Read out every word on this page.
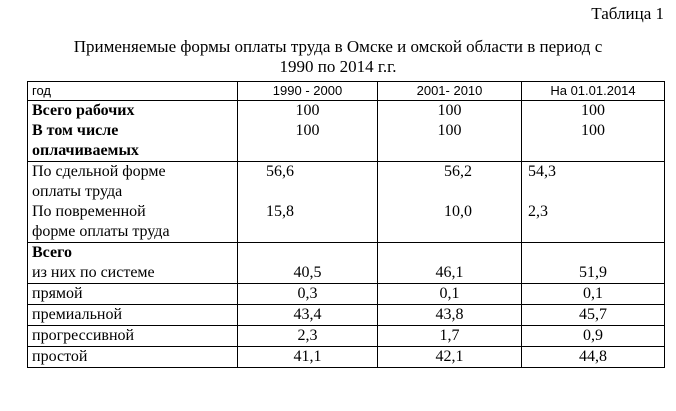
Таблица 1
Применяемые формы оплаты труда в Омске и омской области в период с
1990 по 2014 г.г.
год	1990 - 2000	2001- 2010	На 01.01.2014
Всего рабочих	100	100	100
В том числе
оплачиваемых	100	100	100
По сдельной форме
оплаты труда	56,6	56,2	54,3
По повременной
форме оплаты труда	15,8	10,0	2,3
Всего
из них по системе	40,5	46,1	51,9
прямой	0,3	0,1	0,1
премиальной	43,4	43,8	45,7
прогрессивной	2,3	1,7	0,9
простой	41,1	42,1	44,8
